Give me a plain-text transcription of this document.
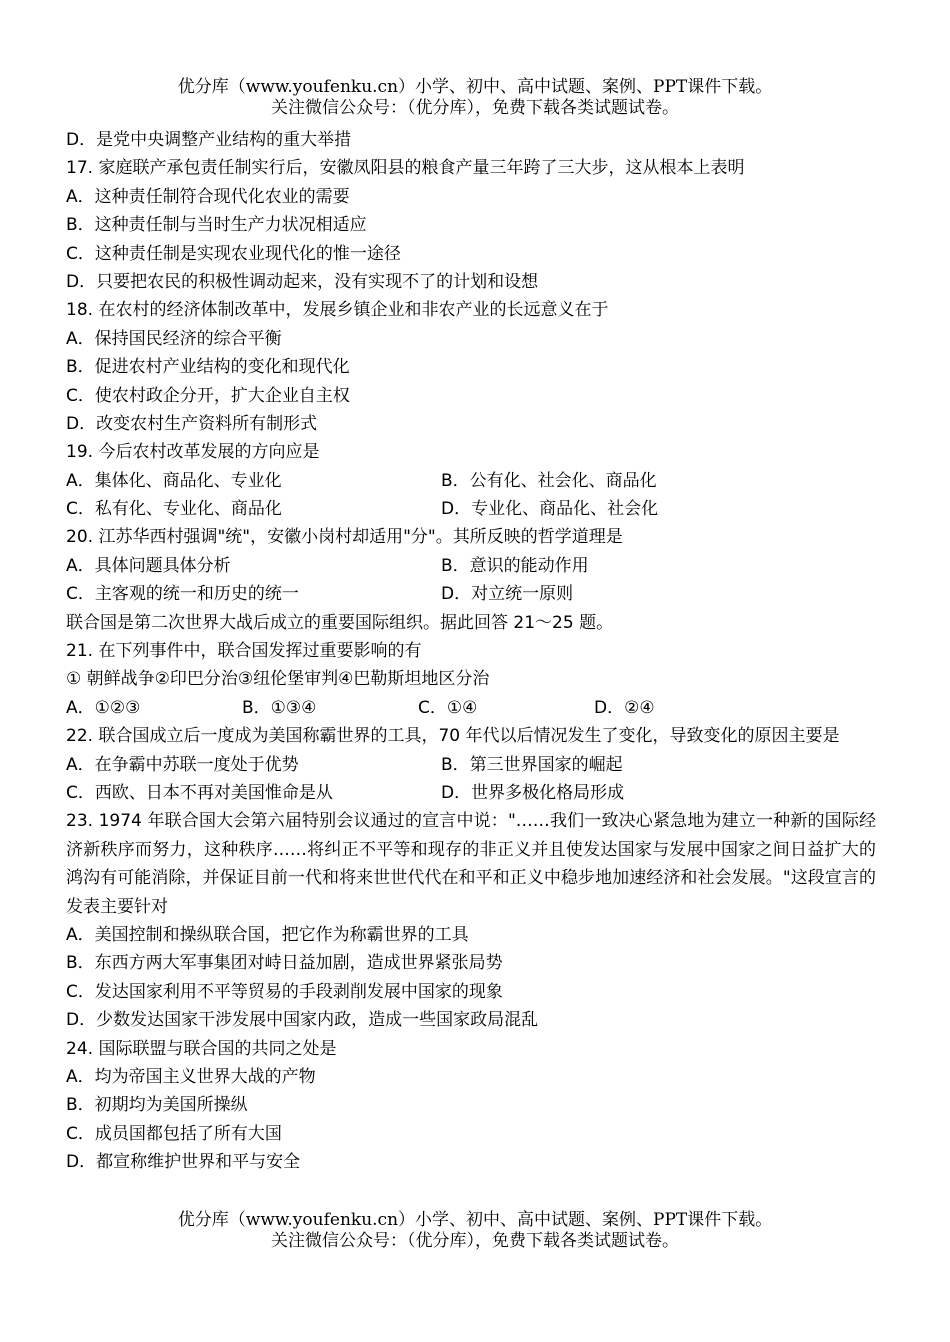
优分库（www.youfenku.cn）小学、初中、高中试题、案例、PPT课件下载。
关注微信公众号：（优分库），免费下载各类试题试卷。
D．是党中央调整产业结构的重大举措
17. 家庭联产承包责任制实行后，安徽凤阳县的粮食产量三年跨了三大步，这从根本上表明
A．这种责任制符合现代化农业的需要
B．这种责任制与当时生产力状况相适应
C．这种责任制是实现农业现代化的惟一途径
D．只要把农民的积极性调动起来，没有实现不了的计划和设想
18. 在农村的经济体制改革中，发展乡镇企业和非农产业的长远意义在于
A．保持国民经济的综合平衡
B．促进农村产业结构的变化和现代化
C．使农村政企分开，扩大企业自主权
D．改变农村生产资料所有制形式
19. 今后农村改革发展的方向应是
A．集体化、商品化、专业化	B．公有化、社会化、商品化
C．私有化、专业化、商品化	D．专业化、商品化、社会化
20. 江苏华西村强调"统"，安徽小岗村却适用"分"。其所反映的哲学道理是
A．具体问题具体分析	B．意识的能动作用
C．主客观的统一和历史的统一	D．对立统一原则
联合国是第二次世界大战后成立的重要国际组织。据此回答 21～25 题。
21. 在下列事件中，联合国发挥过重要影响的有
① 朝鲜战争②印巴分治③纽伦堡审判④巴勒斯坦地区分治
A．①②③	B．①③④	C．①④	D．②④
22. 联合国成立后一度成为美国称霸世界的工具，70 年代以后情况发生了变化，导致变化的原因主要是
A．在争霸中苏联一度处于优势	B．第三世界国家的崛起
C．西欧、日本不再对美国惟命是从	D．世界多极化格局形成
23. 1974 年联合国大会第六届特别会议通过的宣言中说："……我们一致决心紧急地为建立一种新的国际经济新秩序而努力，这种秩序……将纠正不平等和现存的非正义并且使发达国家与发展中国家之间日益扩大的鸿沟有可能消除，并保证目前一代和将来世世代代在和平和正义中稳步地加速经济和社会发展。"这段宣言的发表主要针对
A．美国控制和操纵联合国，把它作为称霸世界的工具
B．东西方两大军事集团对峙日益加剧，造成世界紧张局势
C．发达国家利用不平等贸易的手段剥削发展中国家的现象
D．少数发达国家干涉发展中国家内政，造成一些国家政局混乱
24. 国际联盟与联合国的共同之处是
A．均为帝国主义世界大战的产物
B．初期均为美国所操纵
C．成员国都包括了所有大国
D．都宣称维护世界和平与安全
优分库（www.youfenku.cn）小学、初中、高中试题、案例、PPT课件下载。
关注微信公众号：（优分库），免费下载各类试题试卷。
